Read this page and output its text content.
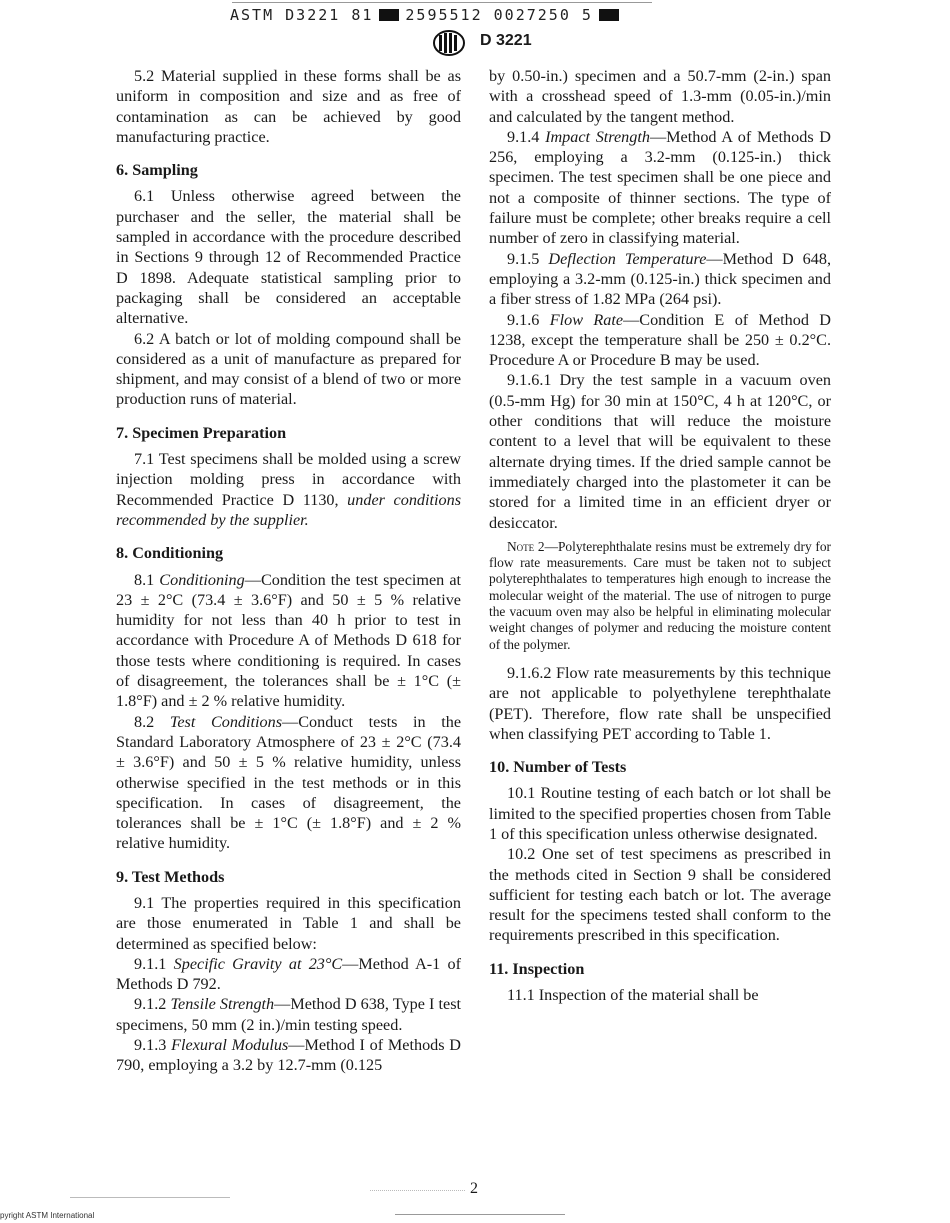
ASTM D3221 81 2595512 0027250 5
D 3221

5.2 Material supplied in these forms shall be as uniform in composition and size and as free of contamination as can be achieved by good manufacturing practice.

6. Sampling

6.1 Unless otherwise agreed between the purchaser and the seller, the material shall be sampled in accordance with the procedure described in Sections 9 through 12 of Recommended Practice D 1898. Adequate statistical sampling prior to packaging shall be considered an acceptable alternative.

6.2 A batch or lot of molding compound shall be considered as a unit of manufacture as prepared for shipment, and may consist of a blend of two or more production runs of material.

7. Specimen Preparation

7.1 Test specimens shall be molded using a screw injection molding press in accordance with Recommended Practice D 1130, under conditions recommended by the supplier.

8. Conditioning

8.1 Conditioning—Condition the test specimen at 23 ± 2°C (73.4 ± 3.6°F) and 50 ± 5 % relative humidity for not less than 40 h prior to test in accordance with Procedure A of Methods D 618 for those tests where conditioning is required. In cases of disagreement, the tolerances shall be ± 1°C (± 1.8°F) and ± 2 % relative humidity.

8.2 Test Conditions—Conduct tests in the Standard Laboratory Atmosphere of 23 ± 2°C (73.4 ± 3.6°F) and 50 ± 5 % relative humidity, unless otherwise specified in the test methods or in this specification. In cases of disagreement, the tolerances shall be ± 1°C (± 1.8°F) and ± 2 % relative humidity.

9. Test Methods

9.1 The properties required in this specification are those enumerated in Table 1 and shall be determined as specified below:

9.1.1 Specific Gravity at 23°C—Method A-1 of Methods D 792.

9.1.2 Tensile Strength—Method D 638, Type I test specimens, 50 mm (2 in.)/min testing speed.

9.1.3 Flexural Modulus—Method I of Methods D 790, employing a 3.2 by 12.7-mm (0.125

by 0.50-in.) specimen and a 50.7-mm (2-in.) span with a crosshead speed of 1.3-mm (0.05-in.)/min and calculated by the tangent method.

9.1.4 Impact Strength—Method A of Methods D 256, employing a 3.2-mm (0.125-in.) thick specimen. The test specimen shall be one piece and not a composite of thinner sections. The type of failure must be complete; other breaks require a cell number of zero in classifying material.

9.1.5 Deflection Temperature—Method D 648, employing a 3.2-mm (0.125-in.) thick specimen and a fiber stress of 1.82 MPa (264 psi).

9.1.6 Flow Rate—Condition E of Method D 1238, except the temperature shall be 250 ± 0.2°C. Procedure A or Procedure B may be used.

9.1.6.1 Dry the test sample in a vacuum oven (0.5-mm Hg) for 30 min at 150°C, 4 h at 120°C, or other conditions that will reduce the moisture content to a level that will be equivalent to these alternate drying times. If the dried sample cannot be immediately charged into the plastometer it can be stored for a limited time in an efficient dryer or desiccator.

Note 2—Polyterephthalate resins must be extremely dry for flow rate measurements. Care must be taken not to subject polyterephthalates to temperatures high enough to increase the molecular weight of the material. The use of nitrogen to purge the vacuum oven may also be helpful in eliminating molecular weight changes of polymer and reducing the moisture content of the polymer.

9.1.6.2 Flow rate measurements by this technique are not applicable to polyethylene terephthalate (PET). Therefore, flow rate shall be unspecified when classifying PET according to Table 1.

10. Number of Tests

10.1 Routine testing of each batch or lot shall be limited to the specified properties chosen from Table 1 of this specification unless otherwise designated.

10.2 One set of test specimens as prescribed in the methods cited in Section 9 shall be considered sufficient for testing each batch or lot. The average result for the specimens tested shall conform to the requirements prescribed in this specification.

11. Inspection

11.1 Inspection of the material shall be

2
pyright ASTM International
